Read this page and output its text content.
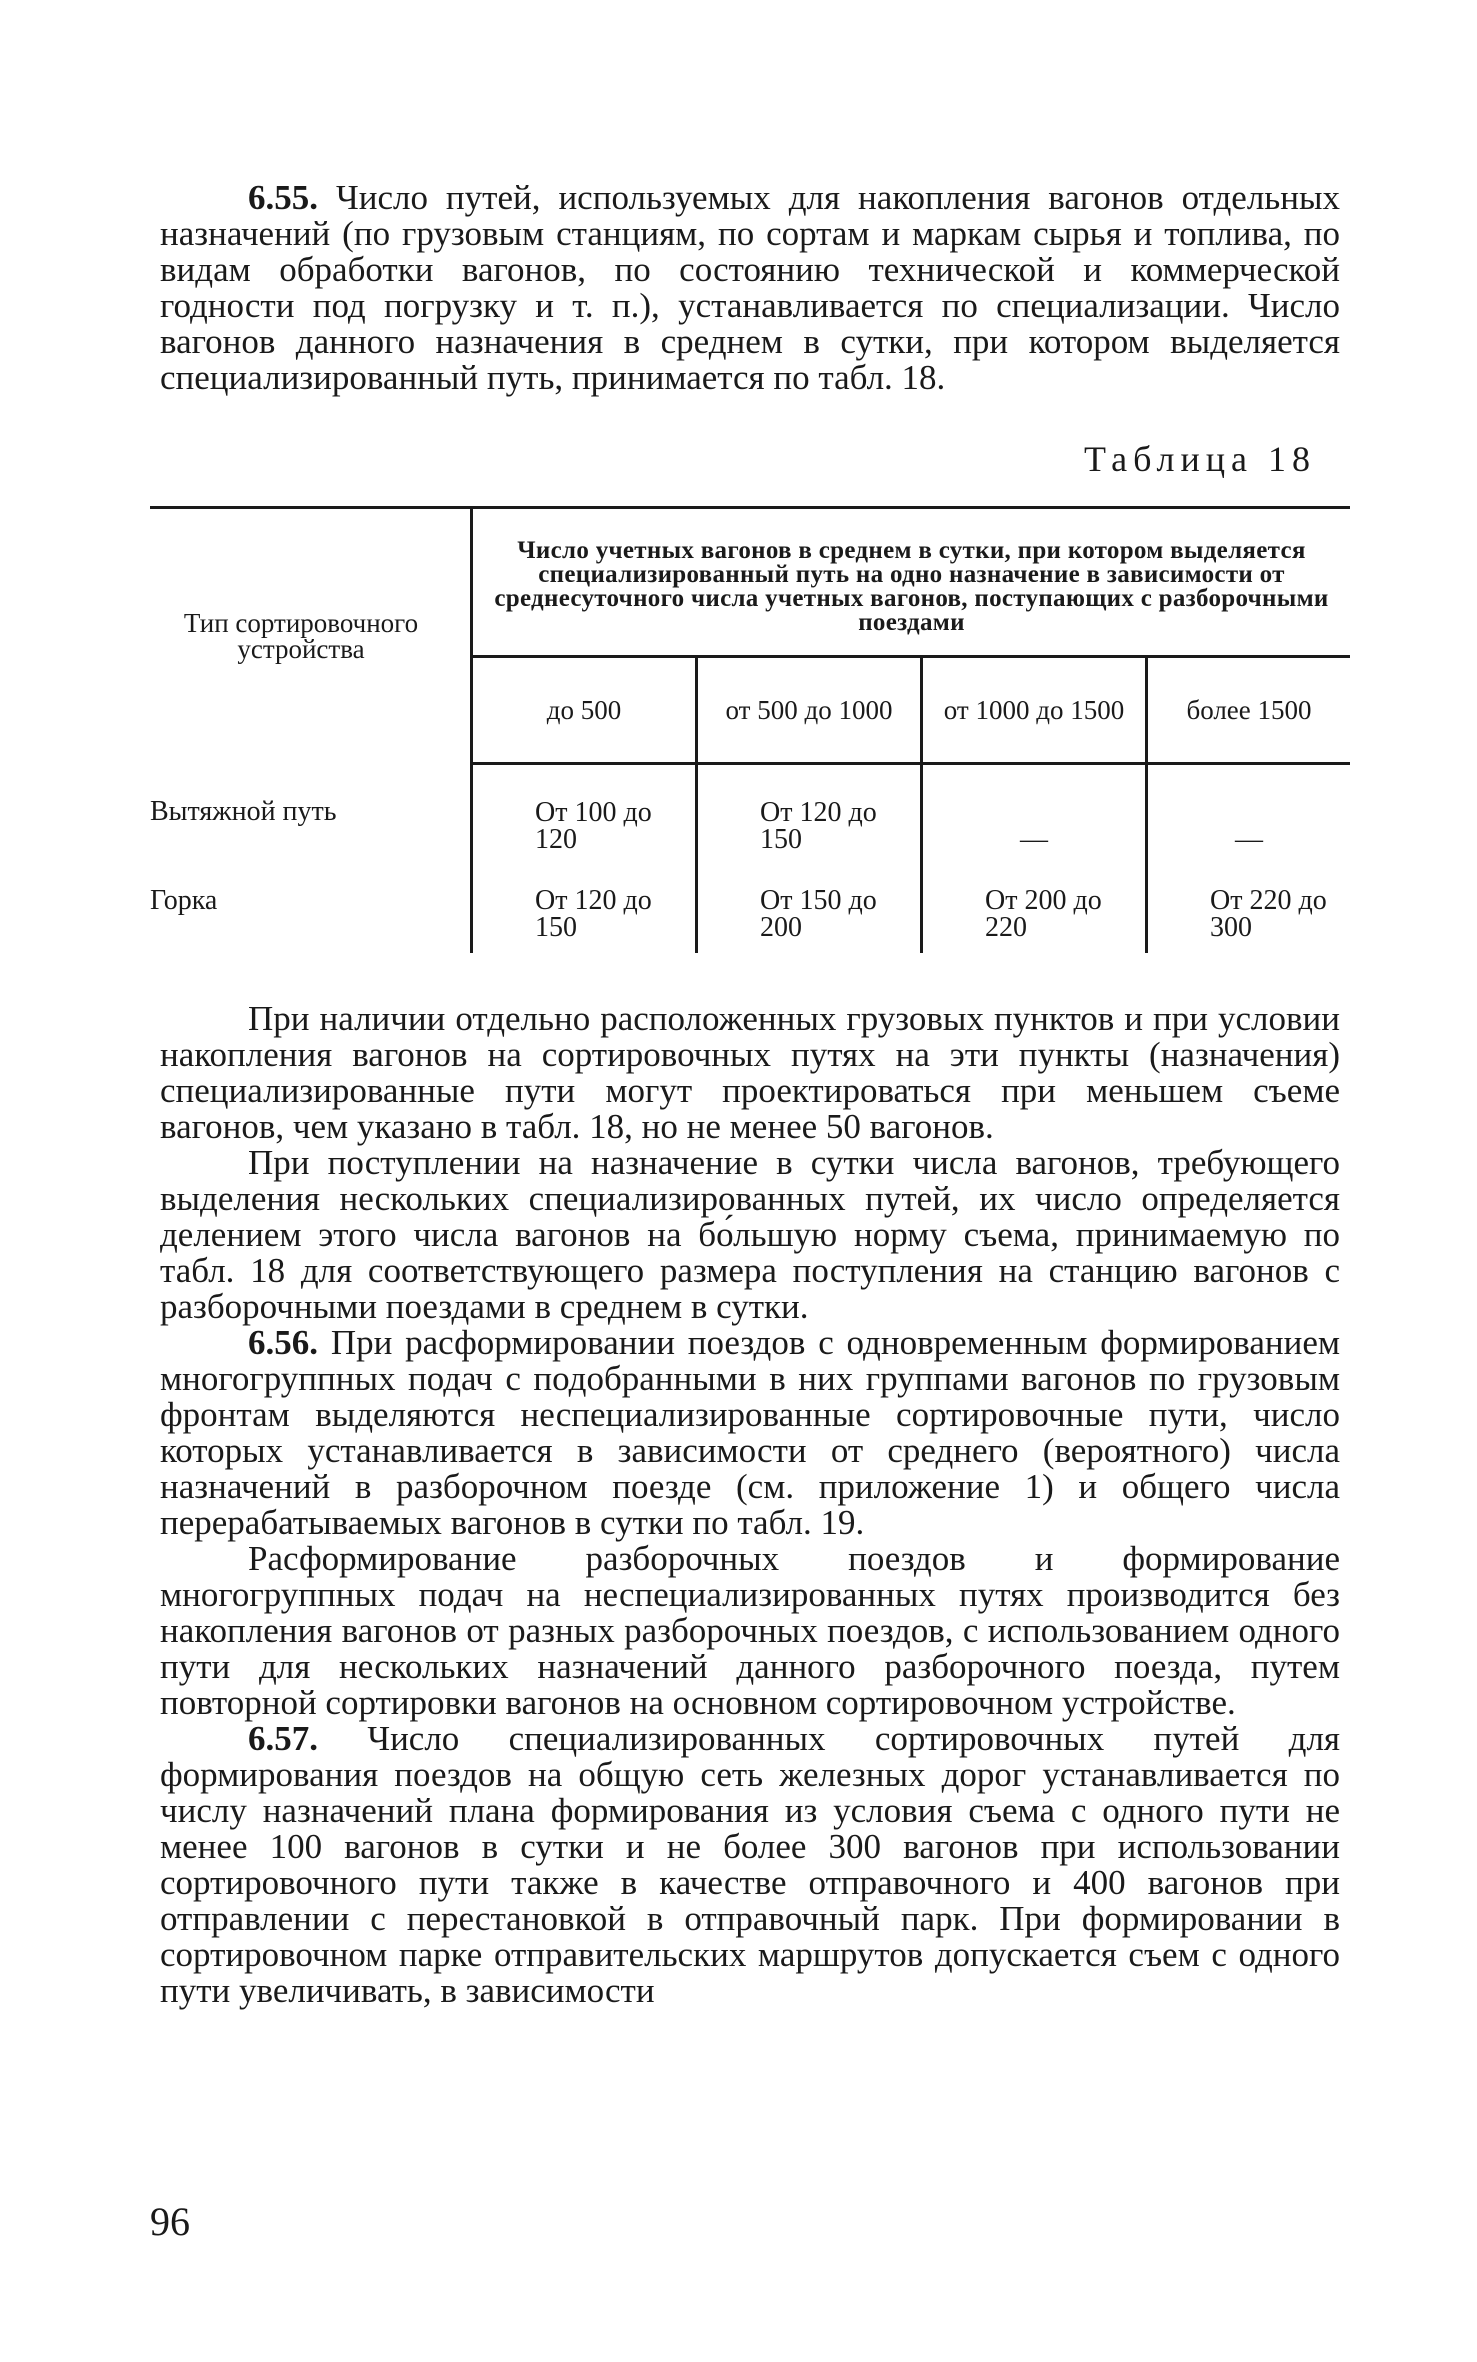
6.55. Число путей, используемых для накопления вагонов отдельных назначений (по грузовым станциям, по сортам и маркам сырья и топлива, по видам обработки вагонов, по состоянию технической и коммерческой годности под погрузку и т. п.), устанавливается по специализации. Число вагонов данного назначения в среднем в сутки, при котором выделяется специализированный путь, принимается по табл. 18.

Таблица 18
Тип сортировочного устройства	Число учетных вагонов в среднем в сутки, при котором выделяется специализированный путь на одно назначение в зависимости от среднесуточного числа учетных вагонов, поступающих с разборочными поездами			
	до 500	от 500 до 1000	от 1000 до 1500	более 1500
Вытяжной путь	От 100 до 120	От 120 до 150	—	—
Горка	От 120 до 150	От 150 до 200	От 200 до 220	От 220 до 300

При наличии отдельно расположенных грузовых пунктов и при условии накопления вагонов на сортировочных путях на эти пункты (назначения) специализированные пути могут проектироваться при меньшем съеме вагонов, чем указано в табл. 18, но не менее 50 вагонов.

При поступлении на назначение в сутки числа вагонов, требующего выделения нескольких специализированных путей, их число определяется делением этого числа вагонов на бо́льшую норму съема, принимаемую по табл. 18 для соответствующего размера поступления на станцию вагонов с разборочными поездами в среднем в сутки.

6.56. При расформировании поездов с одновременным формированием многогруппных подач с подобранными в них группами вагонов по грузовым фронтам выделяются неспециализированные сортировочные пути, число которых устанавливается в зависимости от среднего (вероятного) числа назначений в разборочном поезде (см. приложение 1) и общего числа перерабатываемых вагонов в сутки по табл. 19.

Расформирование разборочных поездов и формирование многогруппных подач на неспециализированных путях производится без накопления вагонов от разных разборочных поездов, с использованием одного пути для нескольких назначений данного разборочного поезда, путем повторной сортировки вагонов на основном сортировочном устройстве.

6.57. Число специализированных сортировочных путей для формирования поездов на общую сеть железных дорог устанавливается по числу назначений плана формирования из условия съема с одного пути не менее 100 вагонов в сутки и не более 300 вагонов при использовании сортировочного пути также в качестве отправочного и 400 вагонов при отправлении с перестановкой в отправочный парк. При формировании в сортировочном парке отправительских маршрутов допускается съем с одного пути увеличивать, в зависимости

96
